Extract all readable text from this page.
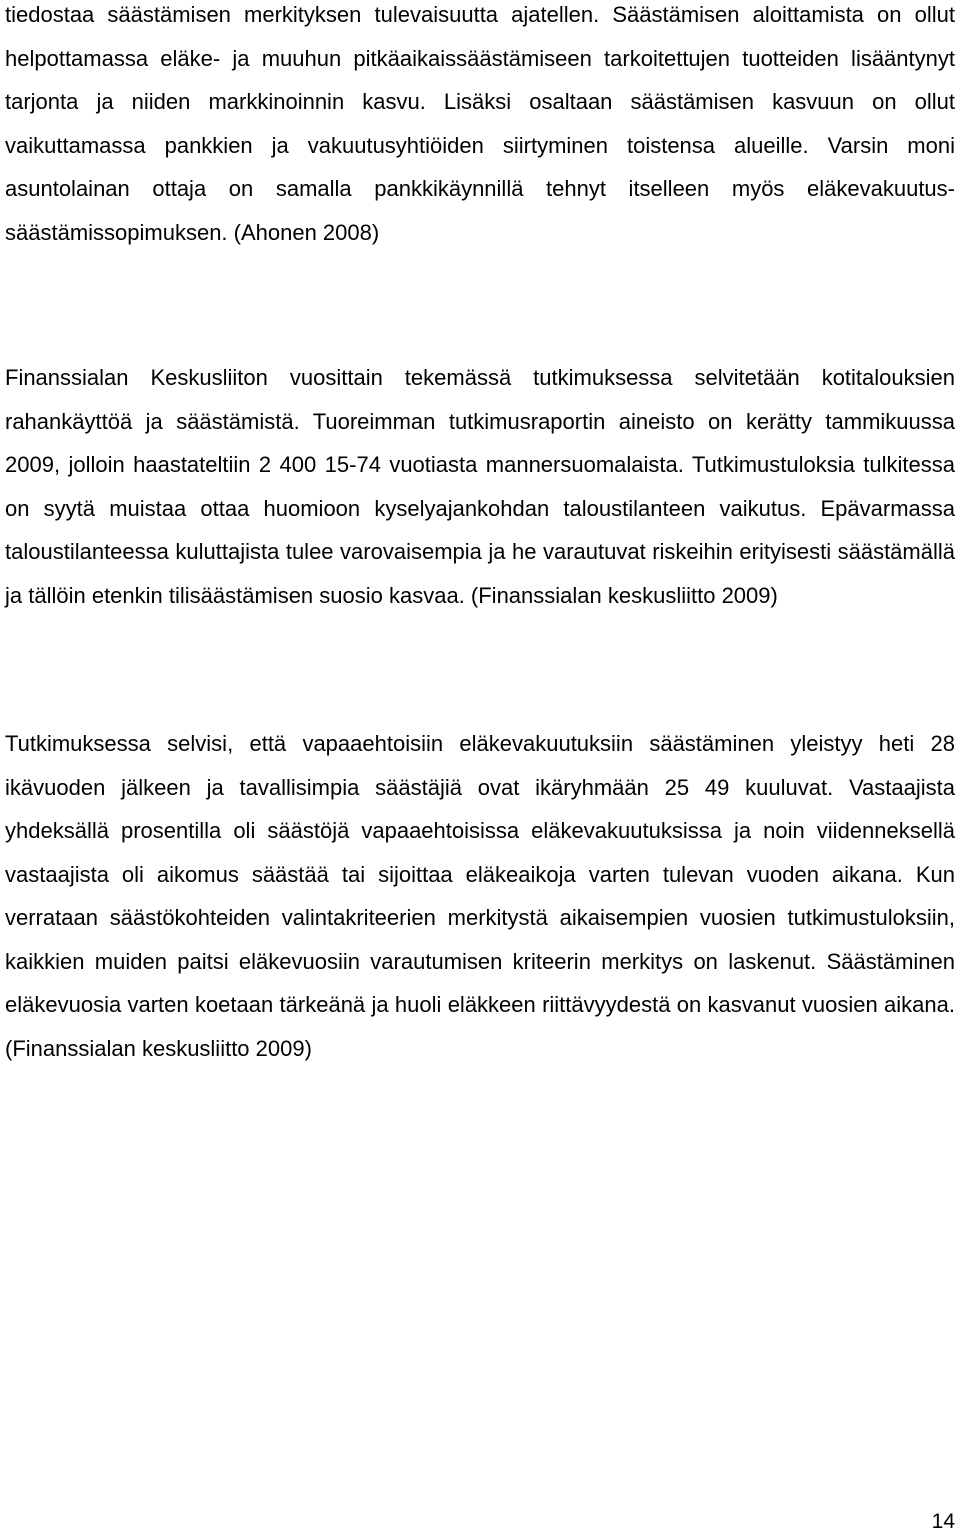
tiedostaa säästämisen merkityksen tulevaisuutta ajatellen. Säästämisen aloittamista on ollut helpottamassa eläke- ja muuhun pitkäaikaissäästämiseen tarkoitettujen tuotteiden lisääntynyt tarjonta ja niiden markkinoinnin kasvu. Lisäksi osaltaan säästämisen kasvuun on ollut vaikuttamassa pankkien ja vakuutusyhtiöiden siirtyminen toistensa alueille. Varsin moni asuntolainan ottaja on samalla pankkikäynnillä tehnyt itselleen myös eläkevakuutus-säästämissopimuksen. (Ahonen 2008)

Finanssialan Keskusliiton vuosittain tekemässä tutkimuksessa selvitetään kotitalouksien rahankäyttöä ja säästämistä. Tuoreimman tutkimusraportin aineisto on kerätty tammikuussa 2009, jolloin haastateltiin 2 400 15-74 vuotiasta mannersuomalaista. Tutkimustuloksia tulkitessa on syytä muistaa ottaa huomioon kyselyajankohdan taloustilanteen vaikutus. Epävarmassa taloustilanteessa kuluttajista tulee varovaisempia ja he varautuvat riskeihin erityisesti säästämällä ja tällöin etenkin tilisäästämisen suosio kasvaa. (Finanssialan keskusliitto 2009)

Tutkimuksessa selvisi, että vapaaehtoisiin eläkevakuutuksiin säästäminen yleistyy heti 28 ikävuoden jälkeen ja tavallisimpia säästäjiä ovat ikäryhmään 25 49 kuuluvat. Vastaajista yhdeksällä prosentilla oli säästöjä vapaaehtoisissa eläkevakuutuksissa ja noin viidenneksellä vastaajista oli aikomus säästää tai sijoittaa eläkeaikoja varten tulevan vuoden aikana. Kun verrataan säästökohteiden valintakriteerien merkitystä aikaisempien vuosien tutkimustuloksiin, kaikkien muiden paitsi eläkevuosiin varautumisen kriteerin merkitys on laskenut. Säästäminen eläkevuosia varten koetaan tärkeänä ja huoli eläkkeen riittävyydestä on kasvanut vuosien aikana. (Finanssialan keskusliitto 2009)

14
